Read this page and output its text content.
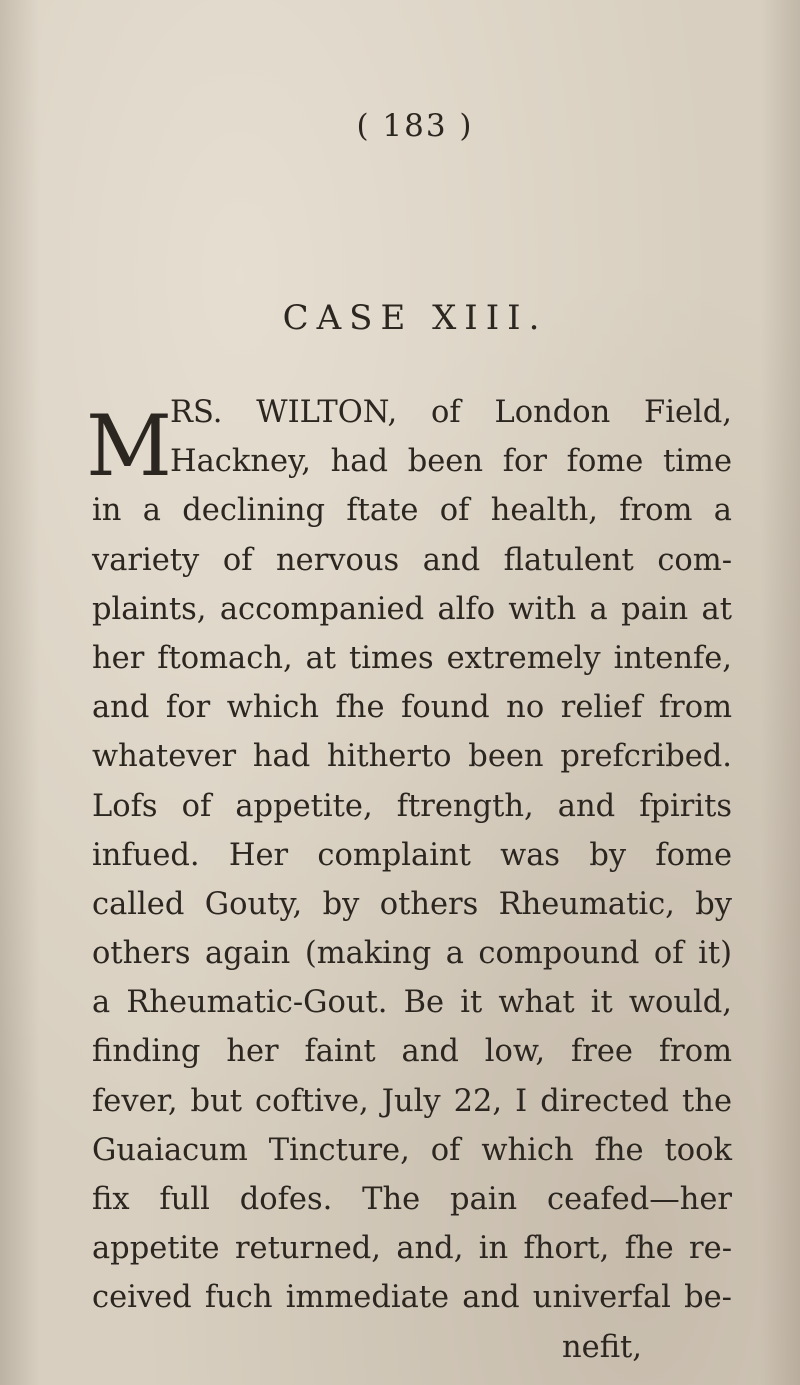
( 183 )
CASE XIII.
M
RS. WILTON, of London Field,
Hackney, had been for fome time
in a declining ftate of health, from a
variety of nervous and flatulent com-
plaints, accompanied alfo with a pain at
her ftomach, at times extremely intenfe,
and for which fhe found no relief from
whatever had hitherto been prefcribed.
Lofs of appetite, ftrength, and fpirits
infued. Her complaint was by fome
called Gouty, by others Rheumatic, by
others again (making a compound of it)
a Rheumatic-Gout. Be it what it would,
finding her faint and low, free from
fever, but coftive, July 22, I directed the
Guaiacum Tincture, of which fhe took
fix full dofes. The pain ceafed—her
appetite returned, and, in fhort, fhe re-
ceived fuch immediate and univerfal be-
nefit,
